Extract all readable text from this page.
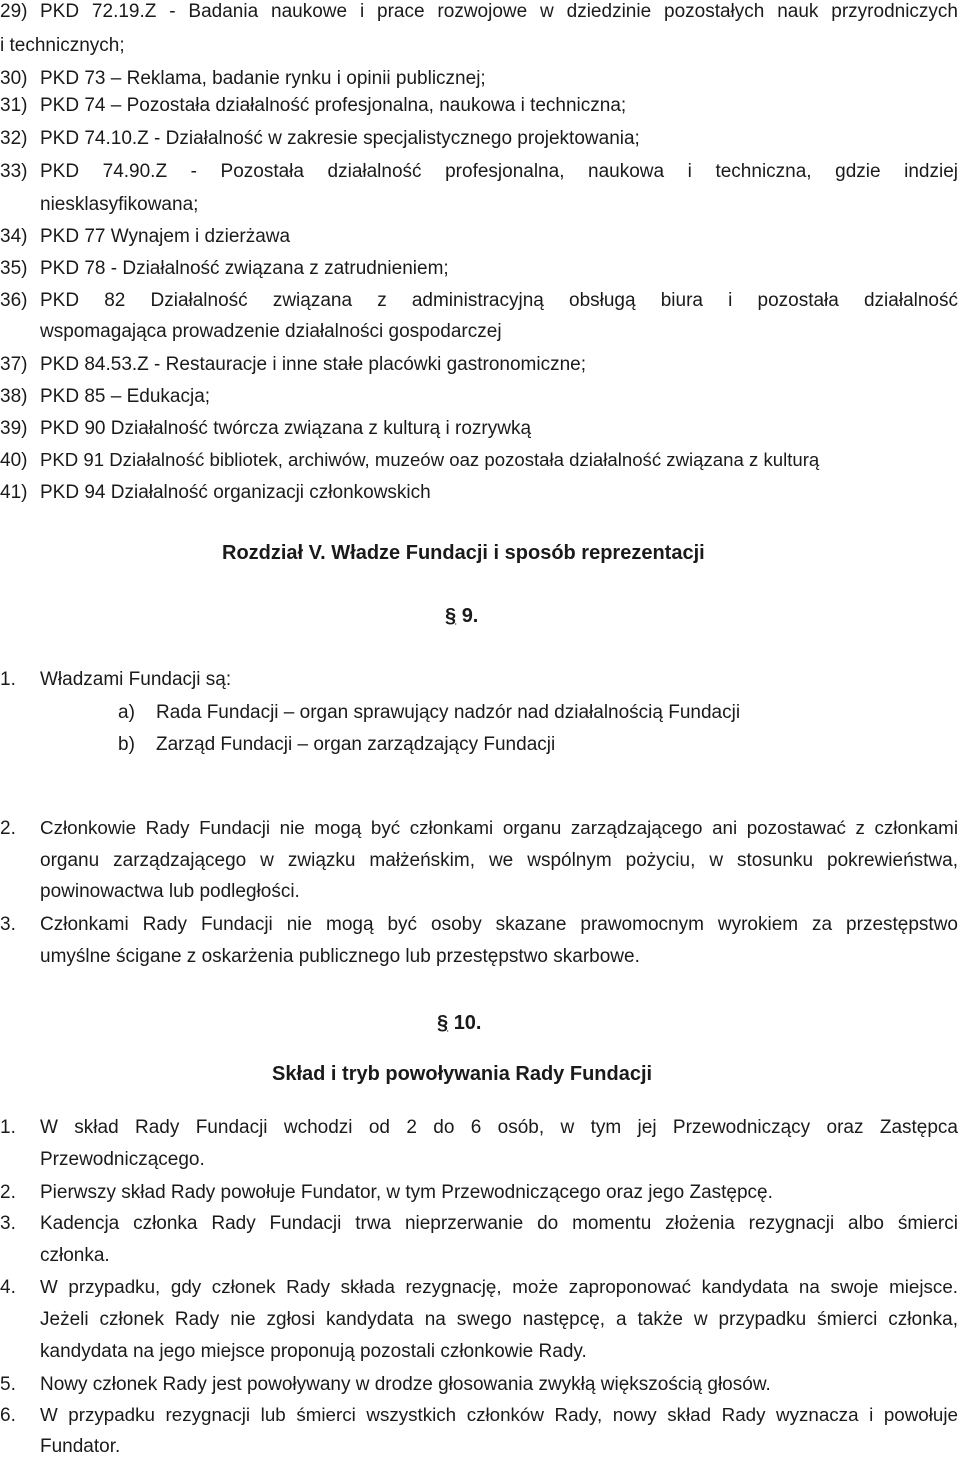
29) PKD 72.19.Z - Badania naukowe i prace rozwojowe w dziedzinie pozostałych nauk przyrodniczych
i technicznych;
30) PKD 73 – Reklama, badanie rynku i opinii publicznej;
31) PKD 74 – Pozostała działalność profesjonalna, naukowa i techniczna;
32) PKD 74.10.Z - Działalność w zakresie specjalistycznego projektowania;
33) PKD 74.90.Z - Pozostała działalność profesjonalna, naukowa i techniczna, gdzie indziej
niesklasyfikowana;
34) PKD 77 Wynajem i dzierżawa
35) PKD 78 - Działalność związana z zatrudnieniem;
36) PKD 82 Działalność związana z administracyjną obsługą biura i pozostała działalność
wspomagająca prowadzenie działalności gospodarczej
37) PKD 84.53.Z - Restauracje i inne stałe placówki gastronomiczne;
38) PKD 85 – Edukacja;
39) PKD 90 Działalność twórcza związana z kulturą i rozrywką
40) PKD 91 Działalność bibliotek, archiwów, muzeów oaz pozostała działalność związana z kulturą
41) PKD 94 Działalność organizacji członkowskich
Rozdział V. Władze Fundacji i sposób reprezentacji
§ 9.
1. Władzami Fundacji są:
a) Rada Fundacji – organ sprawujący nadzór nad działalnością Fundacji
b) Zarząd Fundacji – organ zarządzający Fundacji
2. Członkowie Rady Fundacji nie mogą być członkami organu zarządzającego ani pozostawać z członkami
organu zarządzającego w związku małżeńskim, we wspólnym pożyciu, w stosunku pokrewieństwa,
powinowactwa lub podległości.
3. Członkami Rady Fundacji nie mogą być osoby skazane prawomocnym wyrokiem za przestępstwo
umyślne ścigane z oskarżenia publicznego lub przestępstwo skarbowe.
§ 10.
Skład i tryb powoływania Rady Fundacji
1. W skład Rady Fundacji wchodzi od 2 do 6 osób, w tym jej Przewodniczący oraz Zastępca
Przewodniczącego.
2. Pierwszy skład Rady powołuje Fundator, w tym Przewodniczącego oraz jego Zastępcę.
3. Kadencja członka Rady Fundacji trwa nieprzerwanie do momentu złożenia rezygnacji albo śmierci
członka.
4. W przypadku, gdy członek Rady składa rezygnację, może zaproponować kandydata na swoje miejsce.
Jeżeli członek Rady nie zgłosi kandydata na swego następcę, a także w przypadku śmierci członka,
kandydata na jego miejsce proponują pozostali członkowie Rady.
5. Nowy członek Rady jest powoływany w drodze głosowania zwykłą większością głosów.
6. W przypadku rezygnacji lub śmierci wszystkich członków Rady, nowy skład Rady wyznacza i powołuje
Fundator.
